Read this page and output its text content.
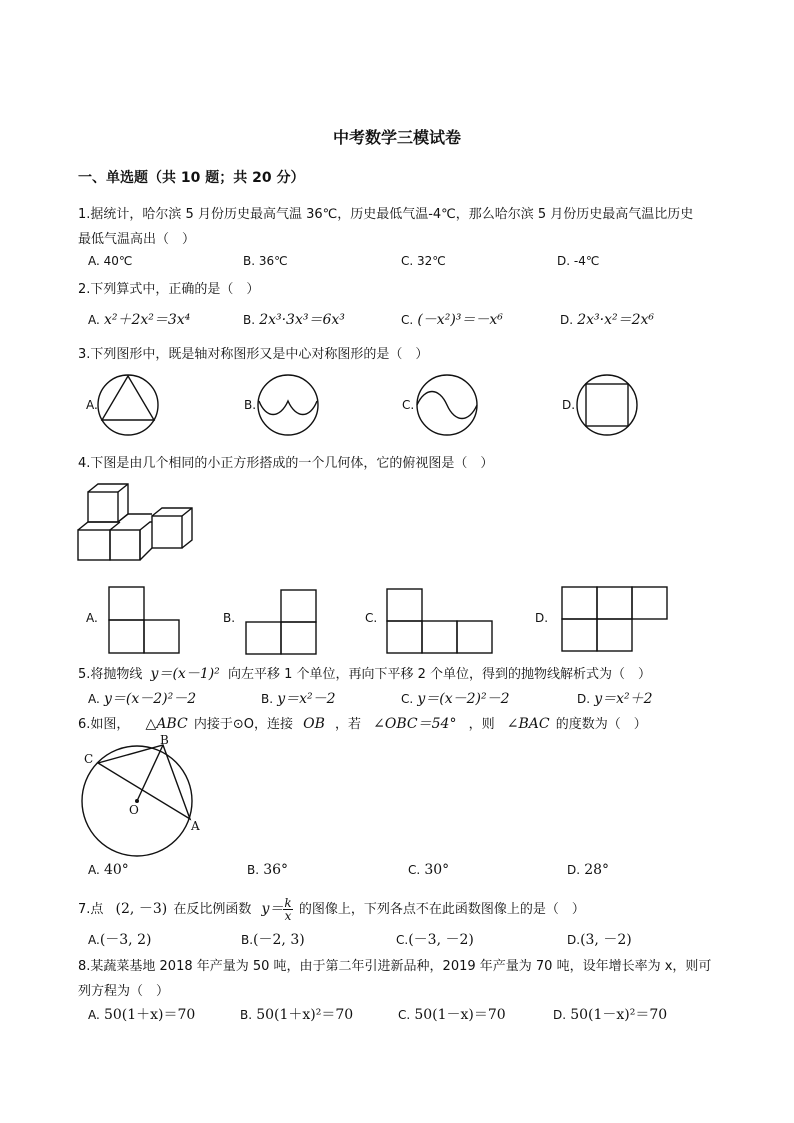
中考数学三模试卷
一、单选题（共 10 题；共 20 分）
1.据统计，哈尔滨 5 月份历史最高气温 36℃，历史最低气温-4℃，那么哈尔滨 5 月份历史最高气温比历史
最低气温高出（　）
A. 40℃	B. 36℃	C. 32℃	D. -4℃
2.下列算式中，正确的是（　）
A. x²＋2x²＝3x⁴	B. 2x³·3x³＝6x³	C. (－x²)³＝－x⁶	D. 2x³·x²＝2x⁶
3.下列图形中，既是轴对称图形又是中心对称图形的是（　）
A.	B.	C.	D.
4.下图是由几个相同的小正方形搭成的一个几何体，它的俯视图是（　）
A.	B.	C.	D.
5.将抛物线 y＝(x－1)² 向左平移 1 个单位，再向下平移 2 个单位，得到的抛物线解析式为（　）
A. y＝(x－2)²－2	B. y＝x²－2	C. y＝(x－2)²－2	D. y＝x²＋2
6.如图， △ABC 内接于⊙O，连接 OB ，若 ∠OBC＝54° ，则 ∠BAC 的度数为（　）
C
B
O
A
A. 40°	B. 36°	C. 30°	D. 28°
7.点 (2, －3) 在反比例函数 $y= \frac{k}{x}$ 的图像上，下列各点不在此函数图像上的是（　）
A.(－3, 2)	B.(－2, 3)	C.(－3, －2)	D.(3, －2)
8.某蔬菜基地 2018 年产量为 50 吨，由于第二年引进新品种，2019 年产量为 70 吨，设年增长率为 x，则可
列方程为（　）
A. 50(1＋x)＝70	B. 50(1＋x)²＝70	C. 50(1－x)＝70	D. 50(1－x)²＝70
